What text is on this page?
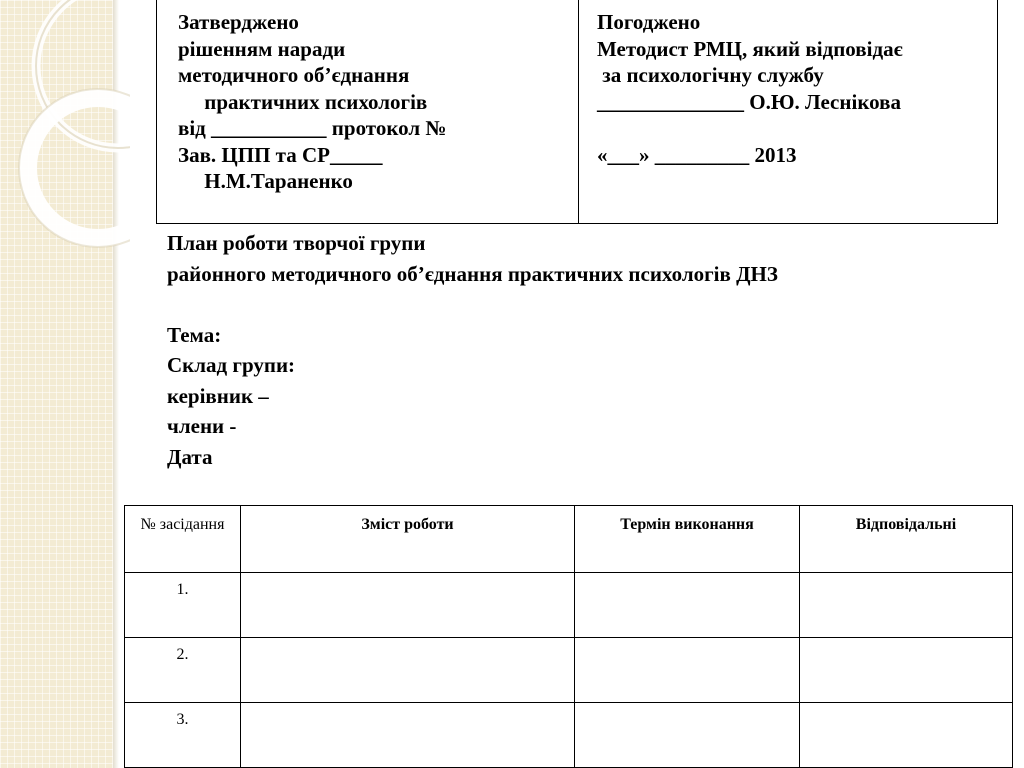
Затверджено
рішенням наради
методичного об’єднання
практичних психологів
від ___________ протокол №
Зав. ЦПП та СР_____
Н.М.Тараненко
Погоджено
Методист РМЦ, який відповідає
за психологічну службу
______________ О.Ю. Леснікова

«___» _________ 2013
План роботи творчої групи
районного методичного об’єднання практичних психологів ДНЗ

Тема:
Склад групи:
керівник –
члени -
Дата
№ засідання	Зміст роботи	Термін виконання	Відповідальні
1.			
2.			
3.			
